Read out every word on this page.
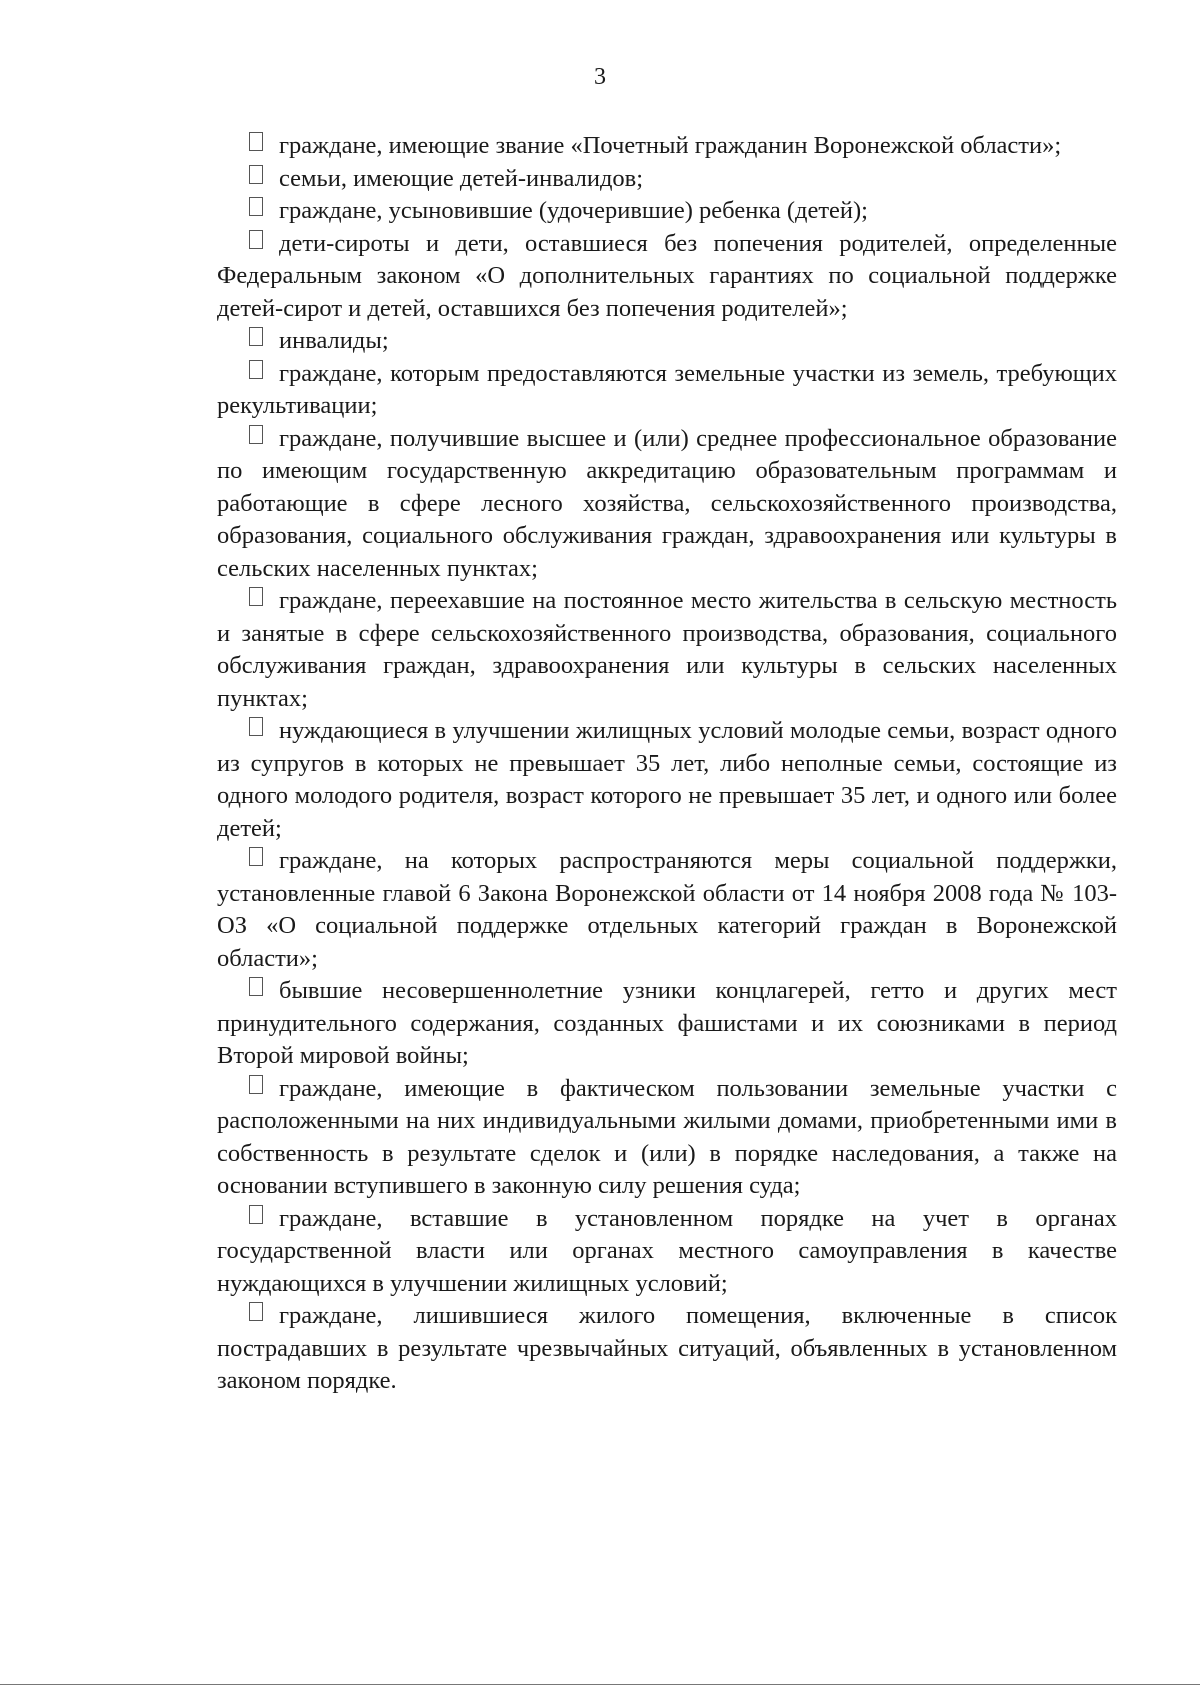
3

граждане, имеющие звание «Почетный гражданин Воронежской области»;

семьи, имеющие детей-инвалидов;

граждане, усыновившие (удочерившие) ребенка (детей);

дети-сироты и дети, оставшиеся без попечения родителей, определенные Федеральным законом «О дополнительных гарантиях по социальной поддержке детей-сирот и детей, оставшихся без попечения родителей»;

инвалиды;

граждане, которым предоставляются земельные участки из земель, требующих рекультивации;

граждане, получившие высшее и (или) среднее профессиональное образование по имеющим государственную аккредитацию образовательным программам и работающие в сфере лесного хозяйства, сельскохозяйственного производства, образования, социального обслуживания граждан, здравоохранения или культуры в сельских населенных пунктах;

граждане, переехавшие на постоянное место жительства в сельскую местность и занятые в сфере сельскохозяйственного производства, образования, социального обслуживания граждан, здравоохранения или культуры в сельских населенных пунктах;

нуждающиеся в улучшении жилищных условий молодые семьи, возраст одного из супругов в которых не превышает 35 лет, либо неполные семьи, состоящие из одного молодого родителя, возраст которого не превышает 35 лет, и одного или более детей;

граждане, на которых распространяются меры социальной поддержки, установленные главой 6 Закона Воронежской области от 14 ноября 2008 года № 103-ОЗ «О социальной поддержке отдельных категорий граждан в Воронежской области»;

бывшие несовершеннолетние узники концлагерей, гетто и других мест принудительного содержания, созданных фашистами и их союзниками в период Второй мировой войны;

граждане, имеющие в фактическом пользовании земельные участки с расположенными на них индивидуальными жилыми домами, приобретенными ими в собственность в результате сделок и (или) в порядке наследования, а также на основании вступившего в законную силу решения суда;

граждане, вставшие в установленном порядке на учет в органах государственной власти или органах местного самоуправления в качестве нуждающихся в улучшении жилищных условий;

граждане, лишившиеся жилого помещения, включенные в список пострадавших в результате чрезвычайных ситуаций, объявленных в установленном законом порядке.
